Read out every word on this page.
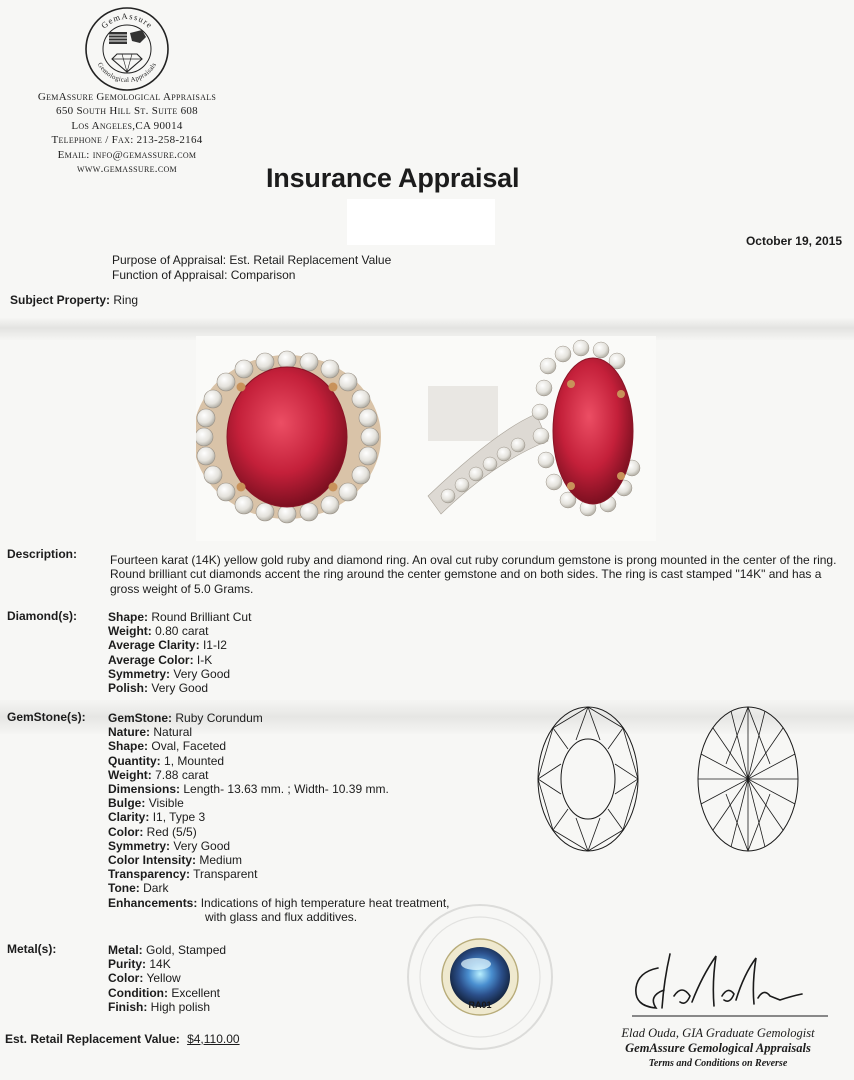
GemAssure
Gemological Appraisals
GemAssure Gemological Appraisals
650 South Hill St. Suite 608
Los Angeles,CA 90014
Telephone / Fax: 213-258-2164
Email: info@gemassure.com
www.gemassure.com	Insurance Appraisal
October 19, 2015
Purpose of Appraisal: Est. Retail Replacement Value
Function of Appraisal: Comparison
Subject Property: Ring
Description:	Fourteen karat (14K) yellow gold ruby and diamond ring. An oval cut ruby corundum gemstone is prong mounted in the center of the ring. Round brilliant cut diamonds accent the ring around the center gemstone and on both sides. The ring is cast stamped "14K" and has a gross weight of 5.0 Grams.
Diamond(s):	Shape: Round Brilliant Cut
Weight: 0.80 carat
Average Clarity: I1-I2
Average Color: I-K
Symmetry: Very Good
Polish: Very Good
GemStone(s): GemStone: Ruby Corundum
Nature: Natural
Shape: Oval, Faceted
Quantity: 1, Mounted
Weight: 7.88 carat
Dimensions: Length- 13.63 mm. ; Width- 10.39 mm.
Bulge: Visible
Clarity: I1, Type 3
Color: Red (5/5)
Symmetry: Very Good
Color Intensity: Medium
Transparency: Transparent
Tone: Dark
Enhancements: Indications of high temperature heat treatment,
with glass and flux additives.
Metal(s):	Metal: Gold, Stamped
Purity: 14K
Color: Yellow
Condition: Excellent
Finish: High polish	RA01
Est. Retail Replacement Value: $4,110.00	Elad Ouda, GIA Graduate Gemologist
GemAssure Gemological Appraisals
Terms and Conditions on Reverse
